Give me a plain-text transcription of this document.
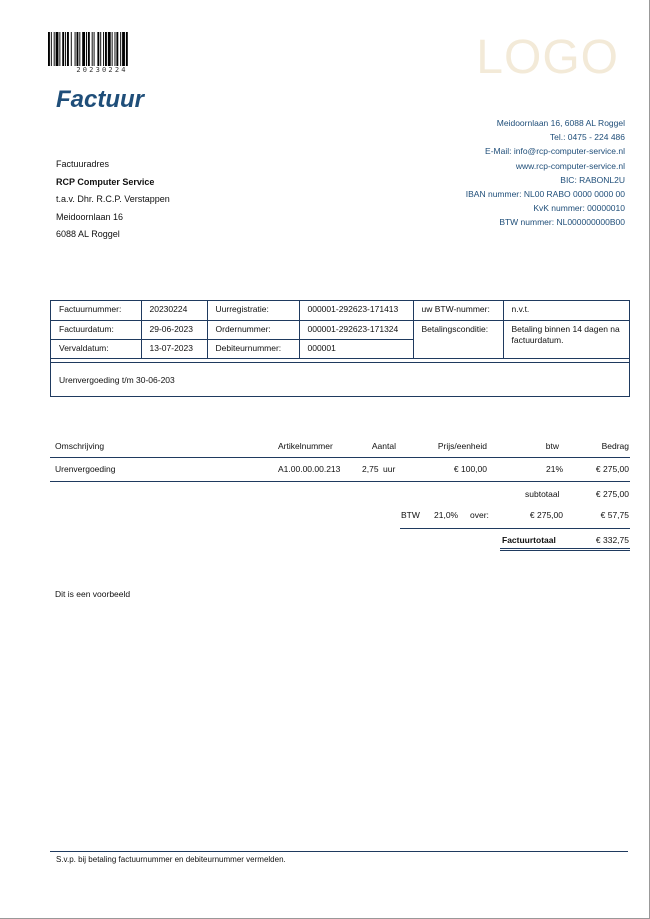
20230224	LOGO
Factuur
Meidoornlaan 16, 6088 AL Roggel
Tel.: 0475 - 224 486
E-Mail: info@rcp-computer-service.nl
www.rcp-computer-service.nl
BIC: RABONL2U
IBAN nummer: NL00 RABO 0000 0000 00
KvK nummer: 00000010
BTW nummer: NL000000000B00
Factuuradres
RCP Computer Service
t.a.v. Dhr. R.C.P. Verstappen
Meidoornlaan 16
6088 AL Roggel
Factuurnummer:	20230224	Uurregistratie:	000001-292623-171413	uw BTW-nummer:	n.v.t.
Factuurdatum:	29-06-2023	Ordernummer:	000001-292623-171324	Betalingsconditie:	Betaling binnen 14 dagen na factuurdatum.
Vervaldatum:	13-07-2023	Debiteurnummer:	000001		
Urenvergoeding t/m 30-06-203
Omschrijving	Artikelnummer	Aantal	Prijs/eenheid	btw	Bedrag
Urenvergoeding	A1.00.00.00.213	2,75 uur	€ 100,00	21%	€ 275,00
subtotaal	€ 275,00
BTW 21,0% over:	€ 275,00	€ 57,75
Factuurtotaal	€ 332,75
Dit is een voorbeeld
S.v.p. bij betaling factuurnummer en debiteurnummer vermelden.
